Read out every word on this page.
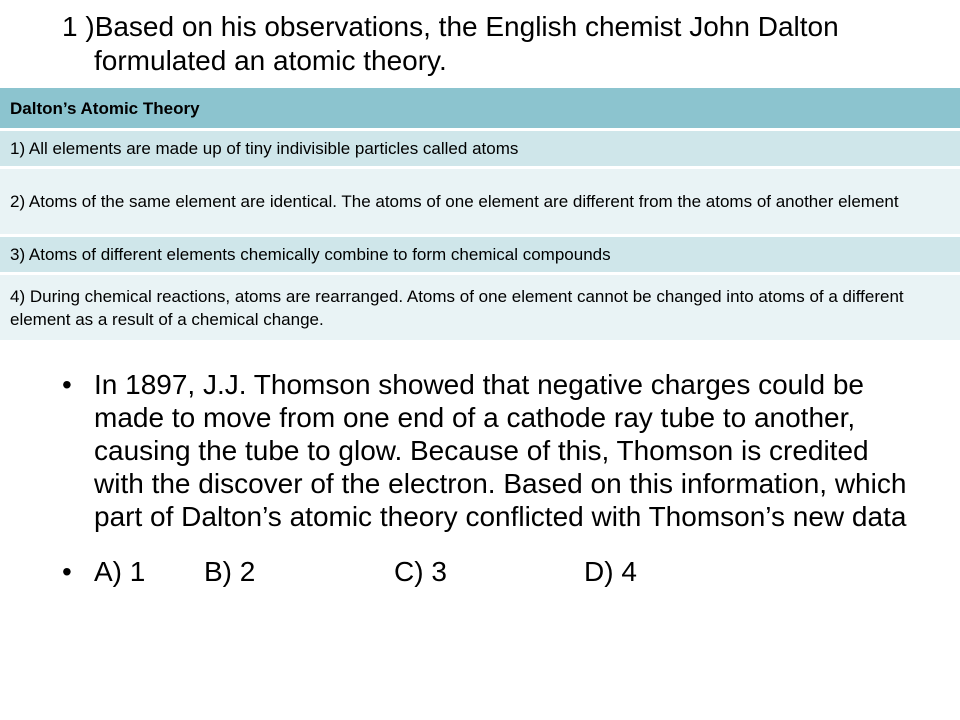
1 )Based on his observations, the English chemist John Dalton formulated an atomic theory.
Dalton’s Atomic Theory
1) All elements are made up of tiny indivisible particles called atoms
2) Atoms of the same element are identical. The atoms of one element are different from the atoms of another element
3) Atoms of different elements chemically combine to form chemical compounds
4) During chemical reactions, atoms are rearranged. Atoms of one element cannot be changed into atoms of a different element as a result of a chemical change.
• In 1897, J.J. Thomson showed that negative charges could be made to move from one end of a cathode ray tube to another, causing the tube to glow. Because of this, Thomson is credited with the discover of the electron. Based on this information, which part of Dalton’s atomic theory conflicted with Thomson’s new data
• A) 1 B) 2	C) 3	D) 4
